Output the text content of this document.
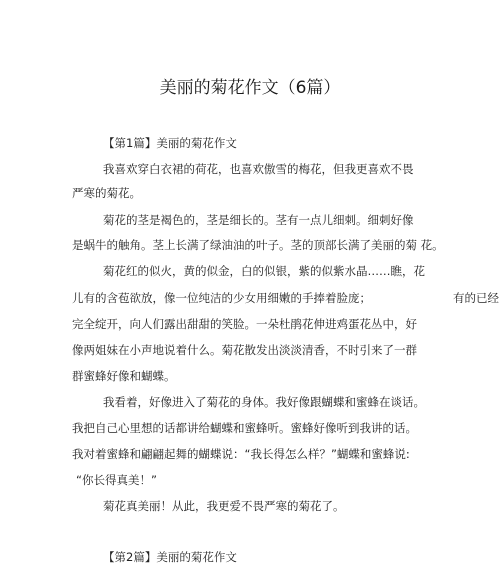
美丽的菊花作文（6篇）
【第1篇】美丽的菊花作文
我喜欢穿白衣裙的荷花，也喜欢傲雪的梅花，但我更喜欢不畏
严寒的菊花。
菊花的茎是褐色的，茎是细长的。茎有一点儿细刺。细刺好像
是蜗牛的触角。茎上长满了绿油油的叶子。茎的顶部长满了美丽的菊 花。
菊花红的似火，黄的似金，白的似银，紫的似紫水晶……瞧，花
儿有的含苞欲放，像一位纯洁的少女用细嫩的手捧着脸庞；	有的已经
完全绽开，向人们露出甜甜的笑脸。一朵杜鹃花伸进鸡蛋花丛中，好
像两姐妹在小声地说着什么。菊花散发出淡淡清香，不时引来了一群
群蜜蜂好像和蝴蝶。
我看着，好像进入了菊花的身体。我好像跟蝴蝶和蜜蜂在谈话。
我把自己心里想的话都讲给蝴蝶和蜜蜂听。蜜蜂好像听到我讲的话。
我对着蜜蜂和翩翩起舞的蝴蝶说：“我长得怎么样？”蝴蝶和蜜蜂说:
“你长得真美！”
菊花真美丽！从此，我更爱不畏严寒的菊花了。
【第2篇】美丽的菊花作文
